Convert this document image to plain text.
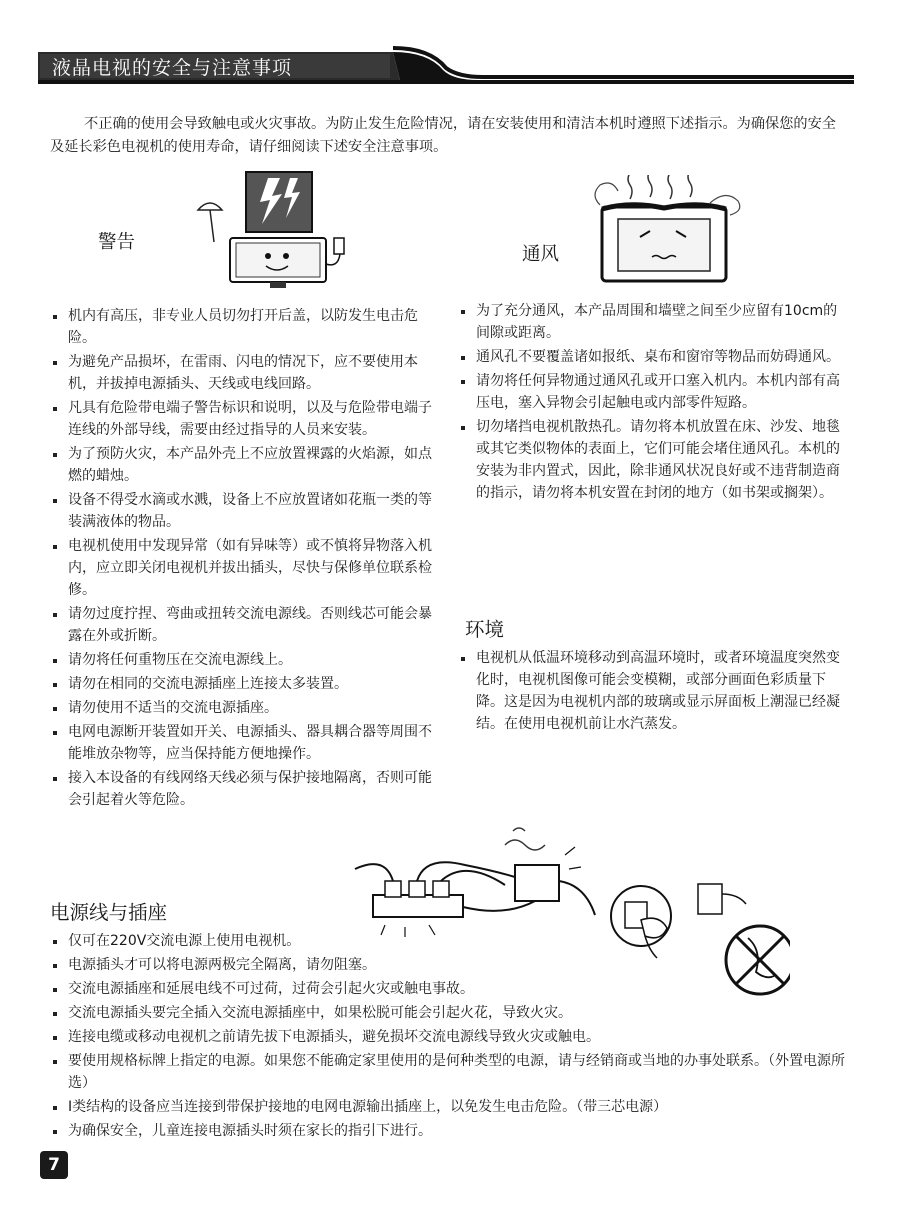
液晶电视的安全与注意事项
不正确的使用会导致触电或火灾事故。为防止发生危险情况，请在安装使用和清洁本机时遵照下述指示。为确保您的安全及延长彩色电视机的使用寿命，请仔细阅读下述安全注意事项。
警告
通风
机内有高压，非专业人员切勿打开后盖，以防发生电击危险。
为避免产品损坏，在雷雨、闪电的情况下，应不要使用本机，并拔掉电源插头、天线或电线回路。
凡具有危险带电端子警告标识和说明，以及与危险带电端子连线的外部导线，需要由经过指导的人员来安装。
为了预防火灾，本产品外壳上不应放置裸露的火焰源，如点燃的蜡烛。
设备不得受水滴或水溅，设备上不应放置诸如花瓶一类的等装满液体的物品。
电视机使用中发现异常（如有异味等）或不慎将异物落入机内，应立即关闭电视机并拔出插头，尽快与保修单位联系检修。
请勿过度拧捏、弯曲或扭转交流电源线。否则线芯可能会暴露在外或折断。
请勿将任何重物压在交流电源线上。
请勿在相同的交流电源插座上连接太多装置。
请勿使用不适当的交流电源插座。
电网电源断开装置如开关、电源插头、器具耦合器等周围不能堆放杂物等，应当保持能方便地操作。
接入本设备的有线网络天线必须与保护接地隔离，否则可能会引起着火等危险。
为了充分通风，本产品周围和墙壁之间至少应留有10cm的间隙或距离。
通风孔不要覆盖诸如报纸、桌布和窗帘等物品而妨碍通风。
请勿将任何异物通过通风孔或开口塞入机内。本机内部有高压电，塞入异物会引起触电或内部零件短路。
切勿堵挡电视机散热孔。请勿将本机放置在床、沙发、地毯或其它类似物体的表面上，它们可能会堵住通风孔。本机的安装为非内置式，因此，除非通风状况良好或不违背制造商的指示，请勿将本机安置在封闭的地方（如书架或搁架）。
环境
电视机从低温环境移动到高温环境时，或者环境温度突然变化时，电视机图像可能会变模糊，或部分画面色彩质量下降。这是因为电视机内部的玻璃或显示屏面板上潮湿已经凝结。在使用电视机前让水汽蒸发。
电源线与插座
仅可在220V交流电源上使用电视机。
电源插头才可以将电源两极完全隔离，请勿阻塞。
交流电源插座和延展电线不可过荷，过荷会引起火灾或触电事故。
交流电源插头要完全插入交流电源插座中，如果松脱可能会引起火花，导致火灾。
连接电缆或移动电视机之前请先拔下电源插头，避免损坏交流电源线导致火灾或触电。
要使用规格标牌上指定的电源。如果您不能确定家里使用的是何种类型的电源，请与经销商或当地的办事处联系。（外置电源所选）
Ⅰ类结构的设备应当连接到带保护接地的电网电源输出插座上，以免发生电击危险。（带三芯电源）
为确保安全，儿童连接电源插头时须在家长的指引下进行。
7
